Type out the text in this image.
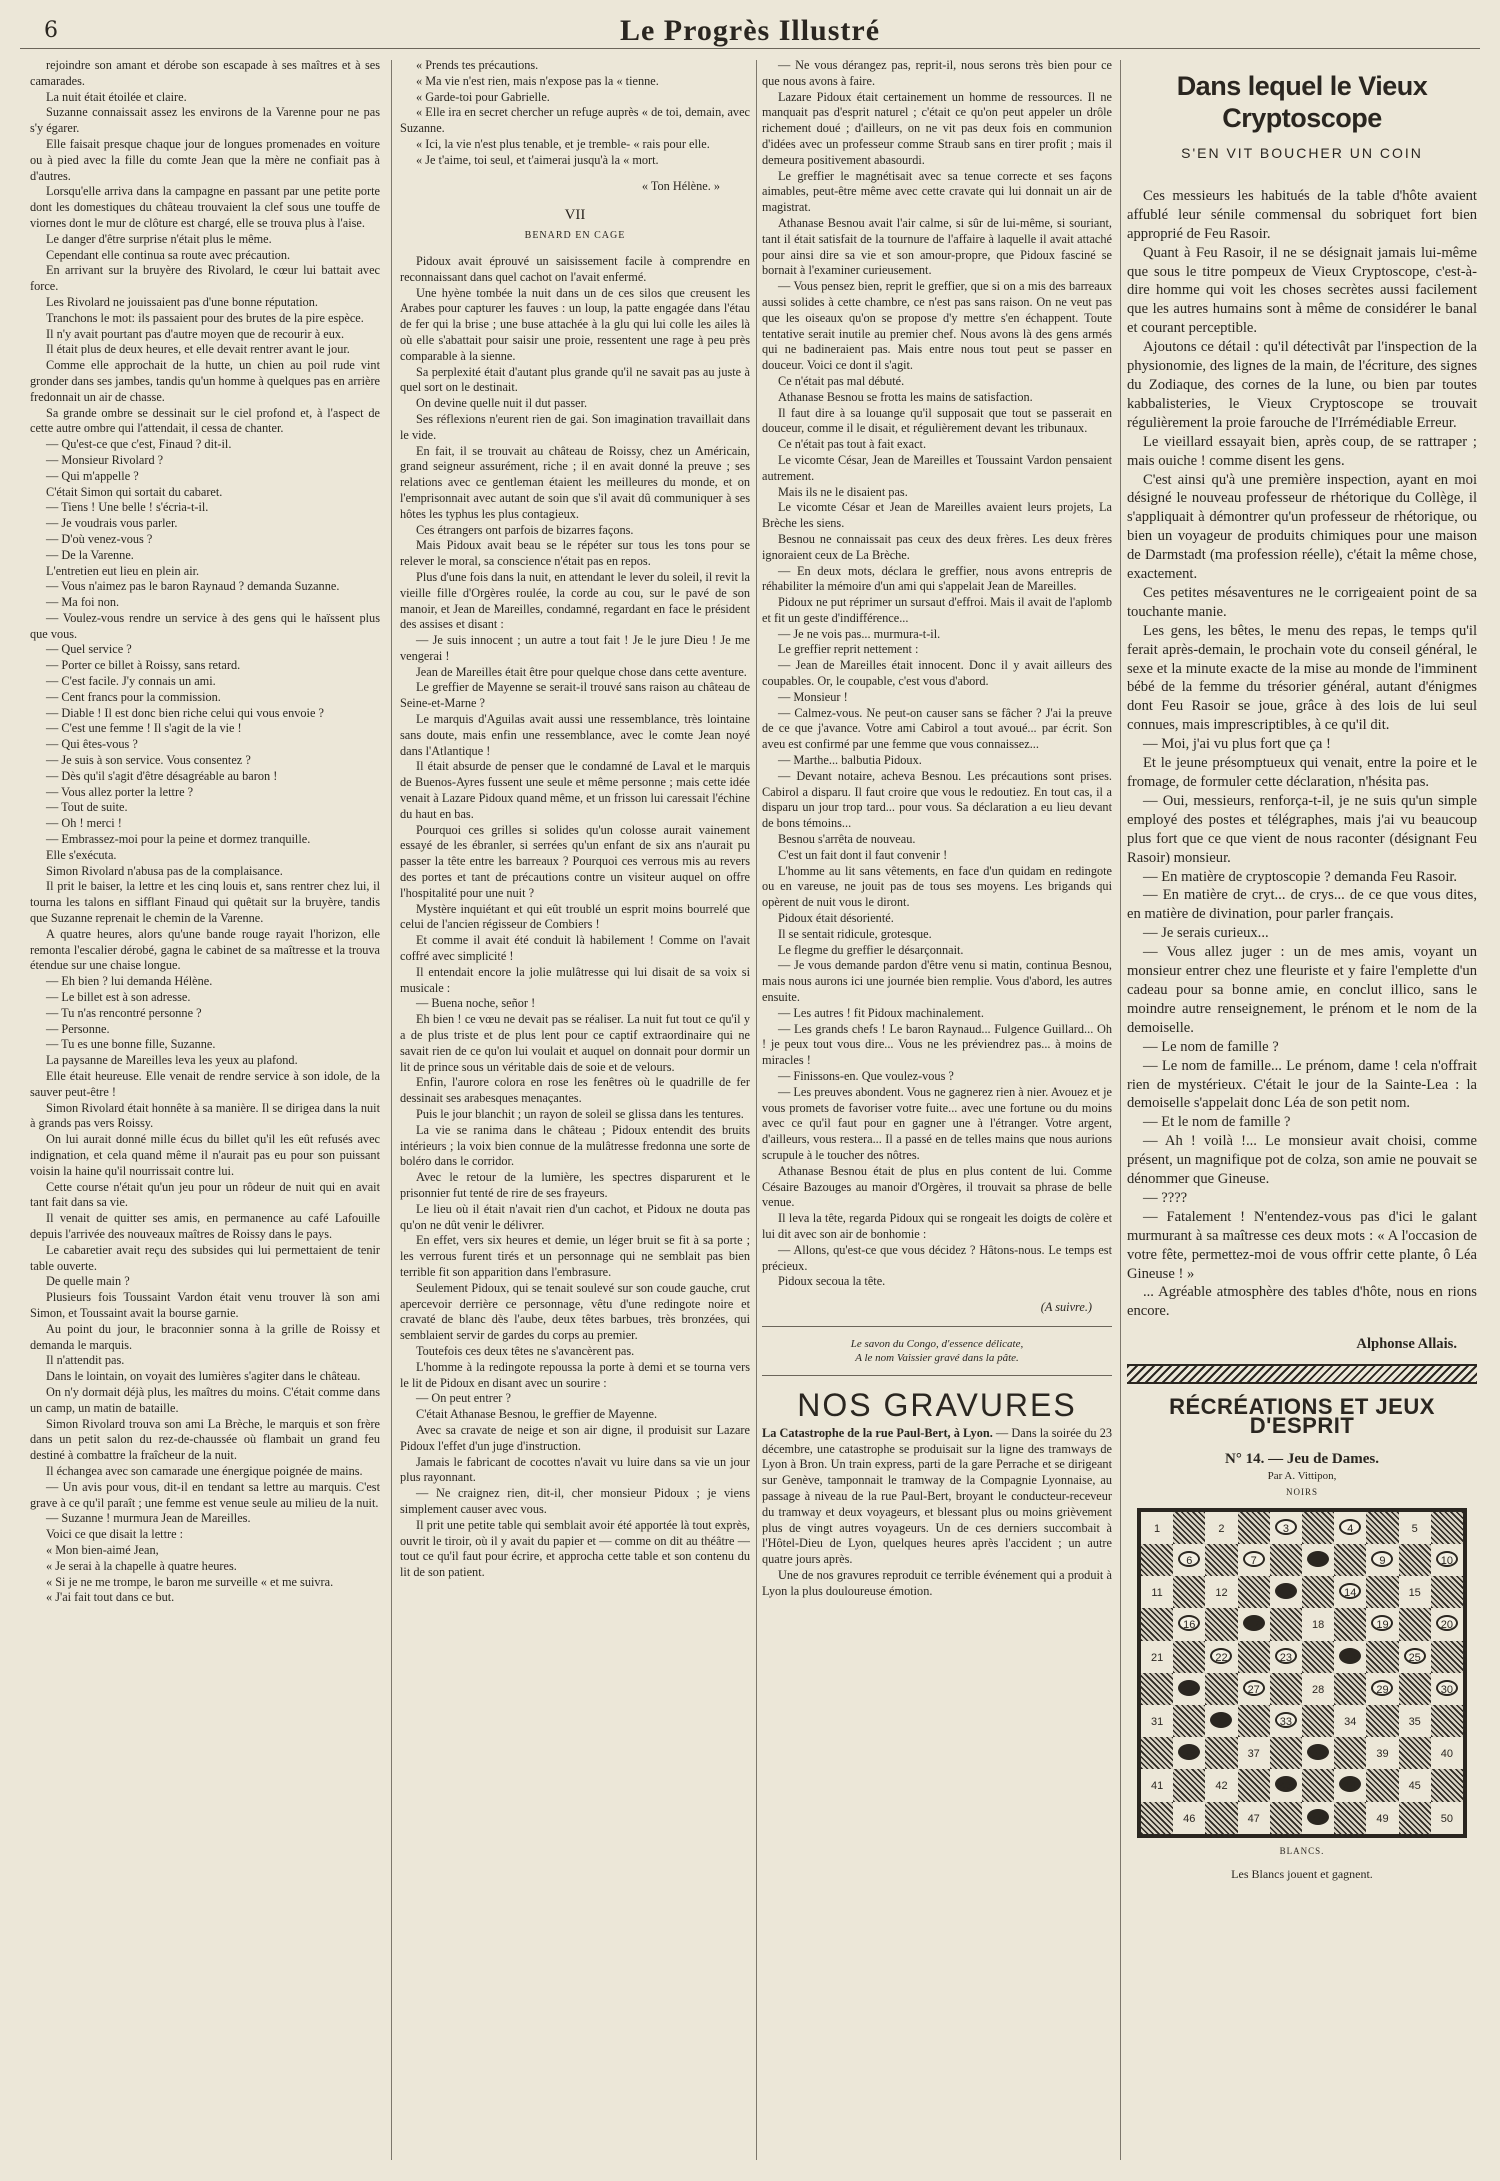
6	Le Progrès Illustré

rejoindre son amant et dérobe son escapade à ses maîtres et à ses camarades.

La nuit était étoilée et claire.

Suzanne connaissait assez les environs de la Varenne pour ne pas s'y égarer.

Elle faisait presque chaque jour de longues promenades en voiture ou à pied avec la fille du comte Jean que la mère ne confiait pas à d'autres.

Lorsqu'elle arriva dans la campagne en passant par une petite porte dont les domestiques du château trouvaient la clef sous une touffe de viornes dont le mur de clôture est chargé, elle se trouva plus à l'aise.

Le danger d'être surprise n'était plus le même.

Cependant elle continua sa route avec précaution.

En arrivant sur la bruyère des Rivolard, le cœur lui battait avec force.

Les Rivolard ne jouissaient pas d'une bonne réputation.

Tranchons le mot: ils passaient pour des brutes de la pire espèce.

Il n'y avait pourtant pas d'autre moyen que de recourir à eux.

Il était plus de deux heures, et elle devait rentrer avant le jour.

Comme elle approchait de la hutte, un chien au poil rude vint gronder dans ses jambes, tandis qu'un homme à quelques pas en arrière fredonnait un air de chasse.

Sa grande ombre se dessinait sur le ciel profond et, à l'aspect de cette autre ombre qui l'attendait, il cessa de chanter.

— Qu'est-ce que c'est, Finaud ? dit-il.

— Monsieur Rivolard ?

— Qui m'appelle ?

C'était Simon qui sortait du cabaret.

— Tiens ! Une belle ! s'écria-t-il.

— Je voudrais vous parler.

— D'où venez-vous ?

— De la Varenne.

L'entretien eut lieu en plein air.

— Vous n'aimez pas le baron Raynaud ? demanda Suzanne.

— Ma foi non.

— Voulez-vous rendre un service à des gens qui le haïssent plus que vous.

— Quel service ?

— Porter ce billet à Roissy, sans retard.

— C'est facile. J'y connais un ami.

— Cent francs pour la commission.

— Diable ! Il est donc bien riche celui qui vous envoie ?

— C'est une femme ! Il s'agit de la vie !

— Qui êtes-vous ?

— Je suis à son service. Vous consentez ?

— Dès qu'il s'agit d'être désagréable au baron !

— Vous allez porter la lettre ?

— Tout de suite.

— Oh ! merci !

— Embrassez-moi pour la peine et dormez tranquille.

Elle s'exécuta.

Simon Rivolard n'abusa pas de la complaisance.

Il prit le baiser, la lettre et les cinq louis et, sans rentrer chez lui, il tourna les talons en sifflant Finaud qui quêtait sur la bruyère, tandis que Suzanne reprenait le chemin de la Varenne.

A quatre heures, alors qu'une bande rouge rayait l'horizon, elle remonta l'escalier dérobé, gagna le cabinet de sa maîtresse et la trouva étendue sur une chaise longue.

— Eh bien ? lui demanda Hélène.

— Le billet est à son adresse.

— Tu n'as rencontré personne ?

— Personne.

— Tu es une bonne fille, Suzanne.

La paysanne de Mareilles leva les yeux au plafond.

Elle était heureuse. Elle venait de rendre service à son idole, de la sauver peut-être !

Simon Rivolard était honnête à sa manière. Il se dirigea dans la nuit à grands pas vers Roissy.

On lui aurait donné mille écus du billet qu'il les eût refusés avec indignation, et cela quand même il n'aurait pas eu pour son puissant voisin la haine qu'il nourrissait contre lui.

Cette course n'était qu'un jeu pour un rôdeur de nuit qui en avait tant fait dans sa vie.

Il venait de quitter ses amis, en permanence au café Lafouille depuis l'arrivée des nouveaux maîtres de Roissy dans le pays.

Le cabaretier avait reçu des subsides qui lui permettaient de tenir table ouverte.

De quelle main ?

Plusieurs fois Toussaint Vardon était venu trouver là son ami Simon, et Toussaint avait la bourse garnie.

Au point du jour, le braconnier sonna à la grille de Roissy et demanda le marquis.

Il n'attendit pas.

Dans le lointain, on voyait des lumières s'agiter dans le château.

On n'y dormait déjà plus, les maîtres du moins. C'était comme dans un camp, un matin de bataille.

Simon Rivolard trouva son ami La Brèche, le marquis et son frère dans un petit salon du rez-de-chaussée où flambait un grand feu destiné à combattre la fraîcheur de la nuit.

Il échangea avec son camarade une énergique poignée de mains.

— Un avis pour vous, dit-il en tendant sa lettre au marquis. C'est grave à ce qu'il paraît ; une femme est venue seule au milieu de la nuit.

— Suzanne ! murmura Jean de Mareilles.

Voici ce que disait la lettre :

« Mon bien-aimé Jean,

« Je serai à la chapelle à quatre heures.

« Si je ne me trompe, le baron me surveille « et me suivra.

« J'ai fait tout dans ce but.

« Prends tes précautions.

« Ma vie n'est rien, mais n'expose pas la « tienne.

« Garde-toi pour Gabrielle.

« Elle ira en secret chercher un refuge auprès « de toi, demain, avec Suzanne.

« Ici, la vie n'est plus tenable, et je tremble- « rais pour elle.

« Je t'aime, toi seul, et t'aimerai jusqu'à la « mort.

« Ton Hélène. »
VII
BENARD EN CAGE

Pidoux avait éprouvé un saisissement facile à comprendre en reconnaissant dans quel cachot on l'avait enfermé.

Une hyène tombée la nuit dans un de ces silos que creusent les Arabes pour capturer les fauves : un loup, la patte engagée dans l'étau de fer qui la brise ; une buse attachée à la glu qui lui colle les ailes là où elle s'abattait pour saisir une proie, ressentent une rage à peu près comparable à la sienne.

Sa perplexité était d'autant plus grande qu'il ne savait pas au juste à quel sort on le destinait.

On devine quelle nuit il dut passer.

Ses réflexions n'eurent rien de gai. Son imagination travaillait dans le vide.

En fait, il se trouvait au château de Roissy, chez un Américain, grand seigneur assurément, riche ; il en avait donné la preuve ; ses relations avec ce gentleman étaient les meilleures du monde, et on l'emprisonnait avec autant de soin que s'il avait dû communiquer à ses hôtes les typhus les plus contagieux.

Ces étrangers ont parfois de bizarres façons.

Mais Pidoux avait beau se le répéter sur tous les tons pour se relever le moral, sa conscience n'était pas en repos.

Plus d'une fois dans la nuit, en attendant le lever du soleil, il revit la vieille fille d'Orgères roulée, la corde au cou, sur le pavé de son manoir, et Jean de Mareilles, condamné, regardant en face le président des assises et disant :

— Je suis innocent ; un autre a tout fait ! Je le jure Dieu ! Je me vengerai !

Jean de Mareilles était être pour quelque chose dans cette aventure.

Le greffier de Mayenne se serait-il trouvé sans raison au château de Seine-et-Marne ?

Le marquis d'Aguilas avait aussi une ressemblance, très lointaine sans doute, mais enfin une ressemblance, avec le comte Jean noyé dans l'Atlantique !

Il était absurde de penser que le condamné de Laval et le marquis de Buenos-Ayres fussent une seule et même personne ; mais cette idée venait à Lazare Pidoux quand même, et un frisson lui caressait l'échine du haut en bas.

Pourquoi ces grilles si solides qu'un colosse aurait vainement essayé de les ébranler, si serrées qu'un enfant de six ans n'aurait pu passer la tête entre les barreaux ? Pourquoi ces verrous mis au revers des portes et tant de précautions contre un visiteur auquel on offre l'hospitalité pour une nuit ?

Mystère inquiétant et qui eût troublé un esprit moins bourrelé que celui de l'ancien régisseur de Combiers !

Et comme il avait été conduit là habilement ! Comme on l'avait coffré avec simplicité !

Il entendait encore la jolie mulâtresse qui lui disait de sa voix si musicale :

— Buena noche, señor !

Eh bien ! ce vœu ne devait pas se réaliser. La nuit fut tout ce qu'il y a de plus triste et de plus lent pour ce captif extraordinaire qui ne savait rien de ce qu'on lui voulait et auquel on donnait pour dormir un lit de prince sous un véritable dais de soie et de velours.

Enfin, l'aurore colora en rose les fenêtres où le quadrille de fer dessinait ses arabesques menaçantes.

Puis le jour blanchit ; un rayon de soleil se glissa dans les tentures.

La vie se ranima dans le château ; Pidoux entendit des bruits intérieurs ; la voix bien connue de la mulâtresse fredonna une sorte de boléro dans le corridor.

Avec le retour de la lumière, les spectres disparurent et le prisonnier fut tenté de rire de ses frayeurs.

Le lieu où il était n'avait rien d'un cachot, et Pidoux ne douta pas qu'on ne dût venir le délivrer.

En effet, vers six heures et demie, un léger bruit se fit à sa porte ; les verrous furent tirés et un personnage qui ne semblait pas bien terrible fit son apparition dans l'embrasure.

Seulement Pidoux, qui se tenait soulevé sur son coude gauche, crut apercevoir derrière ce personnage, vêtu d'une redingote noire et cravaté de blanc dès l'aube, deux têtes barbues, très bronzées, qui semblaient servir de gardes du corps au premier.

Toutefois ces deux têtes ne s'avancèrent pas.

L'homme à la redingote repoussa la porte à demi et se tourna vers le lit de Pidoux en disant avec un sourire :

— On peut entrer ?

C'était Athanase Besnou, le greffier de Mayenne.

Avec sa cravate de neige et son air digne, il produisit sur Lazare Pidoux l'effet d'un juge d'instruction.

Jamais le fabricant de cocottes n'avait vu luire dans sa vie un jour plus rayonnant.

— Ne craignez rien, dit-il, cher monsieur Pidoux ; je viens simplement causer avec vous.

Il prit une petite table qui semblait avoir été apportée là tout exprès, ouvrit le tiroir, où il y avait du papier et — comme on dit au théâtre — tout ce qu'il faut pour écrire, et approcha cette table et son contenu du lit de son patient.

— Ne vous dérangez pas, reprit-il, nous serons très bien pour ce que nous avons à faire.

Lazare Pidoux était certainement un homme de ressources. Il ne manquait pas d'esprit naturel ; c'était ce qu'on peut appeler un drôle richement doué ; d'ailleurs, on ne vit pas deux fois en communion d'idées avec un professeur comme Straub sans en tirer profit ; mais il demeura positivement abasourdi.

Le greffier le magnétisait avec sa tenue correcte et ses façons aimables, peut-être même avec cette cravate qui lui donnait un air de magistrat.

Athanase Besnou avait l'air calme, si sûr de lui-même, si souriant, tant il était satisfait de la tournure de l'affaire à laquelle il avait attaché pour ainsi dire sa vie et son amour-propre, que Pidoux fasciné se bornait à l'examiner curieusement.

— Vous pensez bien, reprit le greffier, que si on a mis des barreaux aussi solides à cette chambre, ce n'est pas sans raison. On ne veut pas que les oiseaux qu'on se propose d'y mettre s'en échappent. Toute tentative serait inutile au premier chef. Nous avons là des gens armés qui ne badineraient pas. Mais entre nous tout peut se passer en douceur. Voici ce dont il s'agit.

Ce n'était pas mal débuté.

Athanase Besnou se frotta les mains de satisfaction.

Il faut dire à sa louange qu'il supposait que tout se passerait en douceur, comme il le disait, et régulièrement devant les tribunaux.

Ce n'était pas tout à fait exact.

Le vicomte César, Jean de Mareilles et Toussaint Vardon pensaient autrement.

Mais ils ne le disaient pas.

Le vicomte César et Jean de Mareilles avaient leurs projets, La Brèche les siens.

Besnou ne connaissait pas ceux des deux frères. Les deux frères ignoraient ceux de La Brèche.

— En deux mots, déclara le greffier, nous avons entrepris de réhabiliter la mémoire d'un ami qui s'appelait Jean de Mareilles.

Pidoux ne put réprimer un sursaut d'effroi. Mais il avait de l'aplomb et fit un geste d'indifférence...

— Je ne vois pas... murmura-t-il.

Le greffier reprit nettement :

— Jean de Mareilles était innocent. Donc il y avait ailleurs des coupables. Or, le coupable, c'est vous d'abord.

— Monsieur !

— Calmez-vous. Ne peut-on causer sans se fâcher ? J'ai la preuve de ce que j'avance. Votre ami Cabirol a tout avoué... par écrit. Son aveu est confirmé par une femme que vous connaissez...

— Marthe... balbutia Pidoux.

— Devant notaire, acheva Besnou. Les précautions sont prises. Cabirol a disparu. Il faut croire que vous le redoutiez. En tout cas, il a disparu un jour trop tard... pour vous. Sa déclaration a eu lieu devant de bons témoins...

Besnou s'arrêta de nouveau.

C'est un fait dont il faut convenir !

L'homme au lit sans vêtements, en face d'un quidam en redingote ou en vareuse, ne jouit pas de tous ses moyens. Les brigands qui opèrent de nuit vous le diront.

Pidoux était désorienté.

Il se sentait ridicule, grotesque.

Le flegme du greffier le désarçonnait.

— Je vous demande pardon d'être venu si matin, continua Besnou, mais nous aurons ici une journée bien remplie. Vous d'abord, les autres ensuite.

— Les autres ! fit Pidoux machinalement.

— Les grands chefs ! Le baron Raynaud... Fulgence Guillard... Oh ! je peux tout vous dire... Vous ne les préviendrez pas... à moins de miracles !

— Finissons-en. Que voulez-vous ?

— Les preuves abondent. Vous ne gagnerez rien à nier. Avouez et je vous promets de favoriser votre fuite... avec une fortune ou du moins avec ce qu'il faut pour en gagner une à l'étranger. Votre argent, d'ailleurs, vous restera... Il a passé en de telles mains que nous aurions scrupule à le toucher des nôtres.

Athanase Besnou était de plus en plus content de lui. Comme Césaire Bazouges au manoir d'Orgères, il trouvait sa phrase de belle venue.

Il leva la tête, regarda Pidoux qui se rongeait les doigts de colère et lui dit avec son air de bonhomie :

— Allons, qu'est-ce que vous décidez ? Hâtons-nous. Le temps est précieux.

Pidoux secoua la tête.

(A suivre.)
Le savon du Congo, d'essence délicate,
A le nom Vaissier gravé dans la pâte.
NOS GRAVURES

La Catastrophe de la rue Paul-Bert, à Lyon. — Dans la soirée du 23 décembre, une catastrophe se produisait sur la ligne des tramways de Lyon à Bron. Un train express, parti de la gare Perrache et se dirigeant sur Genève, tamponnait le tramway de la Compagnie Lyonnaise, au passage à niveau de la rue Paul-Bert, broyant le conducteur-receveur du tramway et deux voyageurs, et blessant plus ou moins grièvement plus de vingt autres voyageurs. Un de ces derniers succombait à l'Hôtel-Dieu de Lyon, quelques heures après l'accident ; un autre quatre jours après.

Une de nos gravures reproduit ce terrible événement qui a produit à Lyon la plus douloureuse émotion.

Dans lequel le Vieux Cryptoscope
S'EN VIT BOUCHER UN COIN

Ces messieurs les habitués de la table d'hôte avaient affublé leur sénile commensal du sobriquet fort bien approprié de Feu Rasoir.

Quant à Feu Rasoir, il ne se désignait jamais lui-même que sous le titre pompeux de Vieux Cryptoscope, c'est-à-dire homme qui voit les choses secrètes aussi facilement que les autres humains sont à même de considérer le banal et courant perceptible.

Ajoutons ce détail : qu'il détectivât par l'inspection de la physionomie, des lignes de la main, de l'écriture, des signes du Zodiaque, des cornes de la lune, ou bien par toutes kabbalisteries, le Vieux Cryptoscope se trouvait régulièrement la proie farouche de l'Irrémédiable Erreur.

Le vieillard essayait bien, après coup, de se rattraper ; mais ouiche ! comme disent les gens.

C'est ainsi qu'à une première inspection, ayant en moi désigné le nouveau professeur de rhétorique du Collège, il s'appliquait à démontrer qu'un professeur de rhétorique, ou bien un voyageur de produits chimiques pour une maison de Darmstadt (ma profession réelle), c'était la même chose, exactement.

Ces petites mésaventures ne le corrigeaient point de sa touchante manie.

Les gens, les bêtes, le menu des repas, le temps qu'il ferait après-demain, le prochain vote du conseil général, le sexe et la minute exacte de la mise au monde de l'imminent bébé de la femme du trésorier général, autant d'énigmes dont Feu Rasoir se joue, grâce à des lois de lui seul connues, mais imprescriptibles, à ce qu'il dit.

— Moi, j'ai vu plus fort que ça !

Et le jeune présomptueux qui venait, entre la poire et le fromage, de formuler cette déclaration, n'hésita pas.

— Oui, messieurs, renforça-t-il, je ne suis qu'un simple employé des postes et télégraphes, mais j'ai vu beaucoup plus fort que ce que vient de nous raconter (désignant Feu Rasoir) monsieur.

— En matière de cryptoscopie ? demanda Feu Rasoir.

— En matière de cryt... de crys... de ce que vous dites, en matière de divination, pour parler français.

— Je serais curieux...

— Vous allez juger : un de mes amis, voyant un monsieur entrer chez une fleuriste et y faire l'emplette d'un cadeau pour sa bonne amie, en conclut illico, sans le moindre autre renseignement, le prénom et le nom de la demoiselle.

— Le nom de famille ?

— Le nom de famille... Le prénom, dame ! cela n'offrait rien de mystérieux. C'était le jour de la Sainte-Lea : la demoiselle s'appelait donc Léa de son petit nom.

— Et le nom de famille ?

— Ah ! voilà !... Le monsieur avait choisi, comme présent, un magnifique pot de colza, son amie ne pouvait se dénommer que Gineuse.

— ????

— Fatalement ! N'entendez-vous pas d'ici le galant murmurant à sa maîtresse ces deux mots : « A l'occasion de votre fête, permettez-moi de vous offrir cette plante, ô Léa Gineuse ! »

... Agréable atmosphère des tables d'hôte, nous en rions encore.

Alphonse Allais.
RÉCRÉATIONS ET JEUX D'ESPRIT
N° 14. — Jeu de Dames.
Par A. Vittipon,
NOIRS
1	2	3	4	5
6	7	8	9	10
11	12	13	14	15
16	17	18	19	20
21	22	23	24	25
26	27	28	29	30
31	32	33	34	35
36	37	38	39	40
41	42	43	44	45
46	47	48	49	50
BLANCS.
Les Blancs jouent et gagnent.
